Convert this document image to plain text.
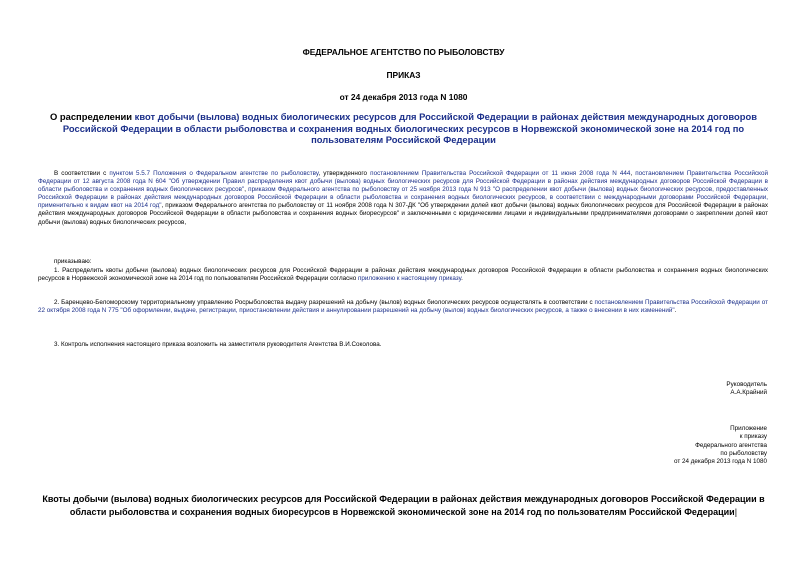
ФЕДЕРАЛЬНОЕ АГЕНТСТВО ПО РЫБОЛОВСТВУ
ПРИКАЗ
от 24 декабря 2013 года N 1080
О распределении квот добычи (вылова) водных биологических ресурсов для Российской Федерации в районах действия международных договоров Российской Федерации в области рыболовства и сохранения водных биологических ресурсов в Норвежской экономической зоне на 2014 год по пользователям Российской Федерации
В соответствии с пунктом 5.5.7 Положения о Федеральном агентстве по рыболовству, утвержденного постановлением Правительства Российской Федерации от 11 июня 2008 года N 444, постановлением Правительства Российской Федерации от 12 августа 2008 года N 604 "Об утверждении Правил распределения квот добычи (вылова) водных биологических ресурсов для Российской Федерации в районах действия международных договоров Российской Федерации в области рыболовства и сохранения водных биологических ресурсов", приказом Федерального агентства по рыболовству от 25 ноября 2013 года N 913 "О распределении квот добычи (вылова) водных биологических ресурсов, предоставленных Российской Федерации в районах действия международных договоров Российской Федерации в области рыболовства и сохранения водных биологических ресурсов, в соответствии с международными договорами Российской Федерации, применительно к видам квот на 2014 год", приказом Федерального агентства по рыболовству от 11 ноября 2008 года N 307-ДК "Об утверждении долей квот добычи (вылова) водных биологических ресурсов для Российской Федерации в районах действия международных договоров Российской Федерации в области рыболовства и сохранения водных биоресурсов" и заключенными с юридическими лицами и индивидуальными предпринимателями договорами о закреплении долей квот добычи (вылова) водных биологических ресурсов,
приказываю:
1. Распределить квоты добычи (вылова) водных биологических ресурсов для Российской Федерации в районах действия международных договоров Российской Федерации в области рыболовства и сохранения водных биологических ресурсов в Норвежской экономической зоне на 2014 год по пользователям Российской Федерации согласно приложению к настоящему приказу.
2. Баренцево-Беломорскому территориальному управлению Росрыболовства выдачу разрешений на добычу (вылов) водных биологических ресурсов осуществлять в соответствии с постановлением Правительства Российской Федерации от 22 октября 2008 года N 775 "Об оформлении, выдаче, регистрации, приостановлении действия и аннулировании разрешений на добычу (вылов) водных биологических ресурсов, а также о внесении в них изменений".
3. Контроль исполнения настоящего приказа возложить на заместителя руководителя Агентства В.И.Соколова.
Руководитель
А.А.Крайний
Приложение
к приказу
Федерального агентства
по рыболовству
от 24 декабря 2013 года N 1080
Квоты добычи (вылова) водных биологических ресурсов для Российской Федерации в районах действия международных договоров Российской Федерации в области рыболовства и сохранения водных биоресурсов в Норвежской экономической зоне на 2014 год по пользователям Российской Федерации|
